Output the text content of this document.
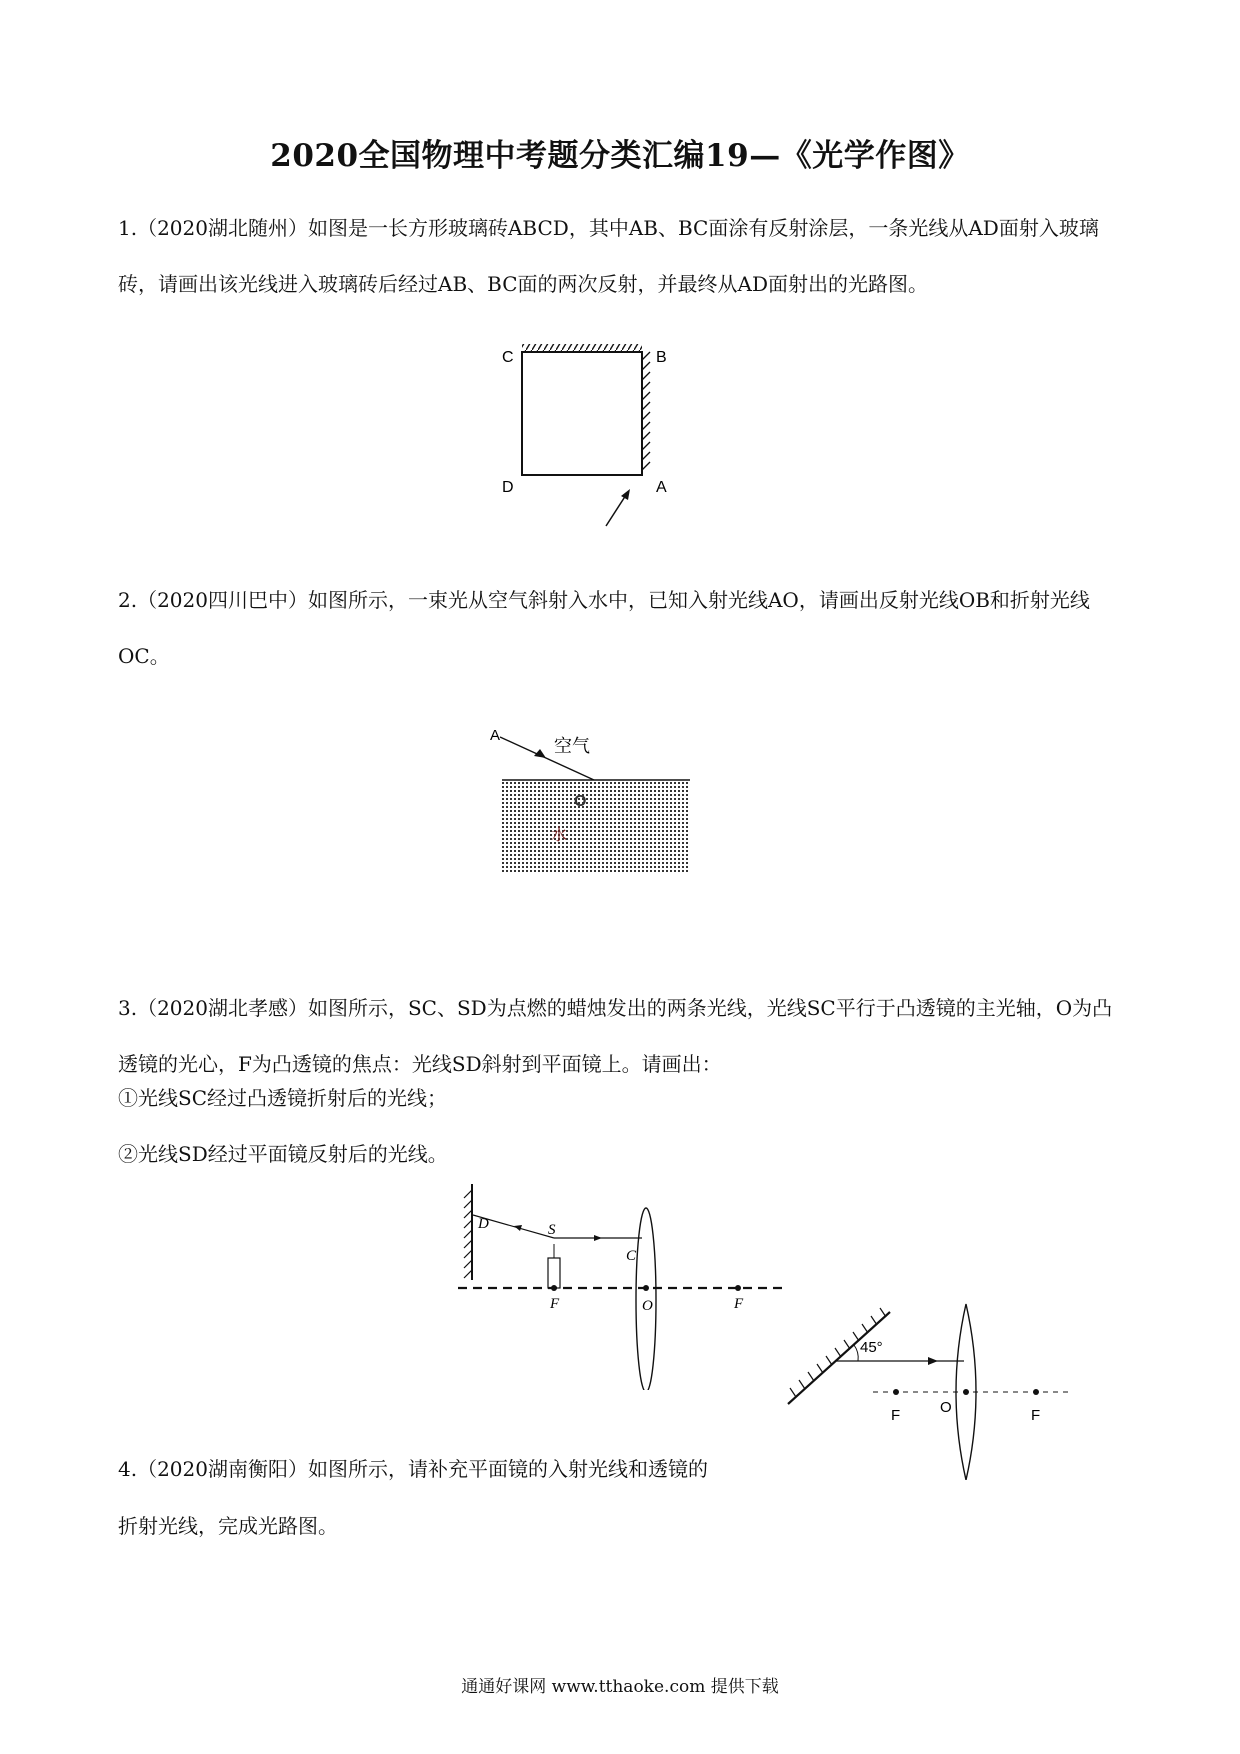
2020全国物理中考题分类汇编19—《光学作图》
1.（2020湖北随州）如图是一长方形玻璃砖ABCD，其中AB、BC面涂有反射涂层，一条光线从AD面射入玻璃砖，请画出该光线进入玻璃砖后经过AB、BC面的两次反射，并最终从AD面射出的光路图。
C	B
D	A
2.（2020四川巴中）如图所示，一束光从空气斜射入水中，已知入射光线AO，请画出反射光线OB和折射光线OC。
A
空气
O
水
3.（2020湖北孝感）如图所示，SC、SD为点燃的蜡烛发出的两条光线，光线SC平行于凸透镜的主光轴，O为凸透镜的光心，F为凸透镜的焦点：光线SD斜射到平面镜上。请画出：
①光线SC经过凸透镜折射后的光线；
②光线SD经过平面镜反射后的光线。
D	S
C
F	O	F
4.（2020湖南衡阳）如图所示，请补充平面镜的入射光线和透镜的
折射光线，完成光路图。
45°
F	O	F
通通好课网 www.tthaoke.com 提供下载
